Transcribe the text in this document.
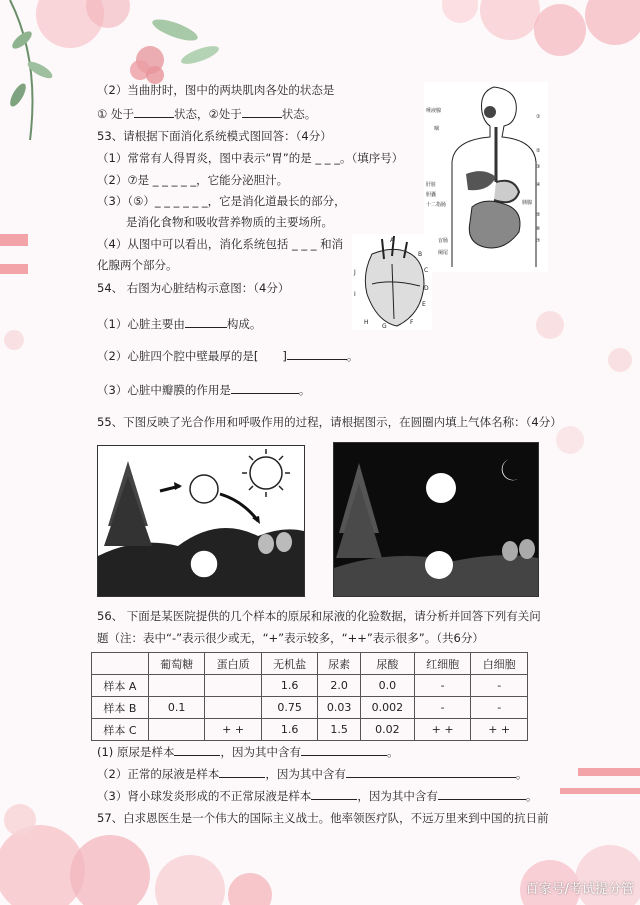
（2）当曲肘时，图中的两块肌肉各处的状态是
① 处于	状态，②处于	状态。
53、请根据下面消化系统模式图回答：（4分）
（1）常常有人得胃炎，图中表示“胃”的是 _ _ _。（填序号）
（2）⑦是 _ _ _ _ _，它能分泌胆汁。
（3）（⑤）_ _ _ _ _ _，它是消化道最长的部分，
是消化食物和吸收营养物质的主要场所。
（4）从图中可以看出，消化系统包括 _ _ _ 和消
化腺两个部分。
唾液腺
咽
肝脏
胆囊
十二指肠
盲肠
阑尾
胰腺
①
②
③
④
⑤
⑥
⑦
A
B
C
D
E
F
G
H
I
J
54、 右图为心脏结构示意图：（4分）
（1）心脏主要由	构成。
（2）心脏四个腔中壁最厚的是[ ]	。
（3）心脏中瓣膜的作用是	。
55、下图反映了光合作用和呼吸作用的过程，请根据图示，在圆圈内填上气体名称：（4分）
56、 下面是某医院提供的几个样本的原尿和尿液的化验数据，请分析并回答下列有关问
题（注：表中“-”表示很少或无，“+”表示较多，“++”表示很多”。（共6分）
	葡萄糖	蛋白质	无机盐	尿素	尿酸	红细胞	白细胞
样本 A			1.6	2.0	0.0	-	-
样本 B	0.1		0.75	0.03	0.002	-	-
样本 C		+ +	1.6	1.5	0.02	+ +	+ +
(1) 原尿是样本	，因为其中含有	。
（2）正常的尿液是样本	，因为其中含有	。
（3）肾小球发炎形成的不正常尿液是样本	，因为其中含有	。
57、白求恩医生是一个伟大的国际主义战士。他率领医疗队，不远万里来到中国的抗日前
百家号/考试提分管
